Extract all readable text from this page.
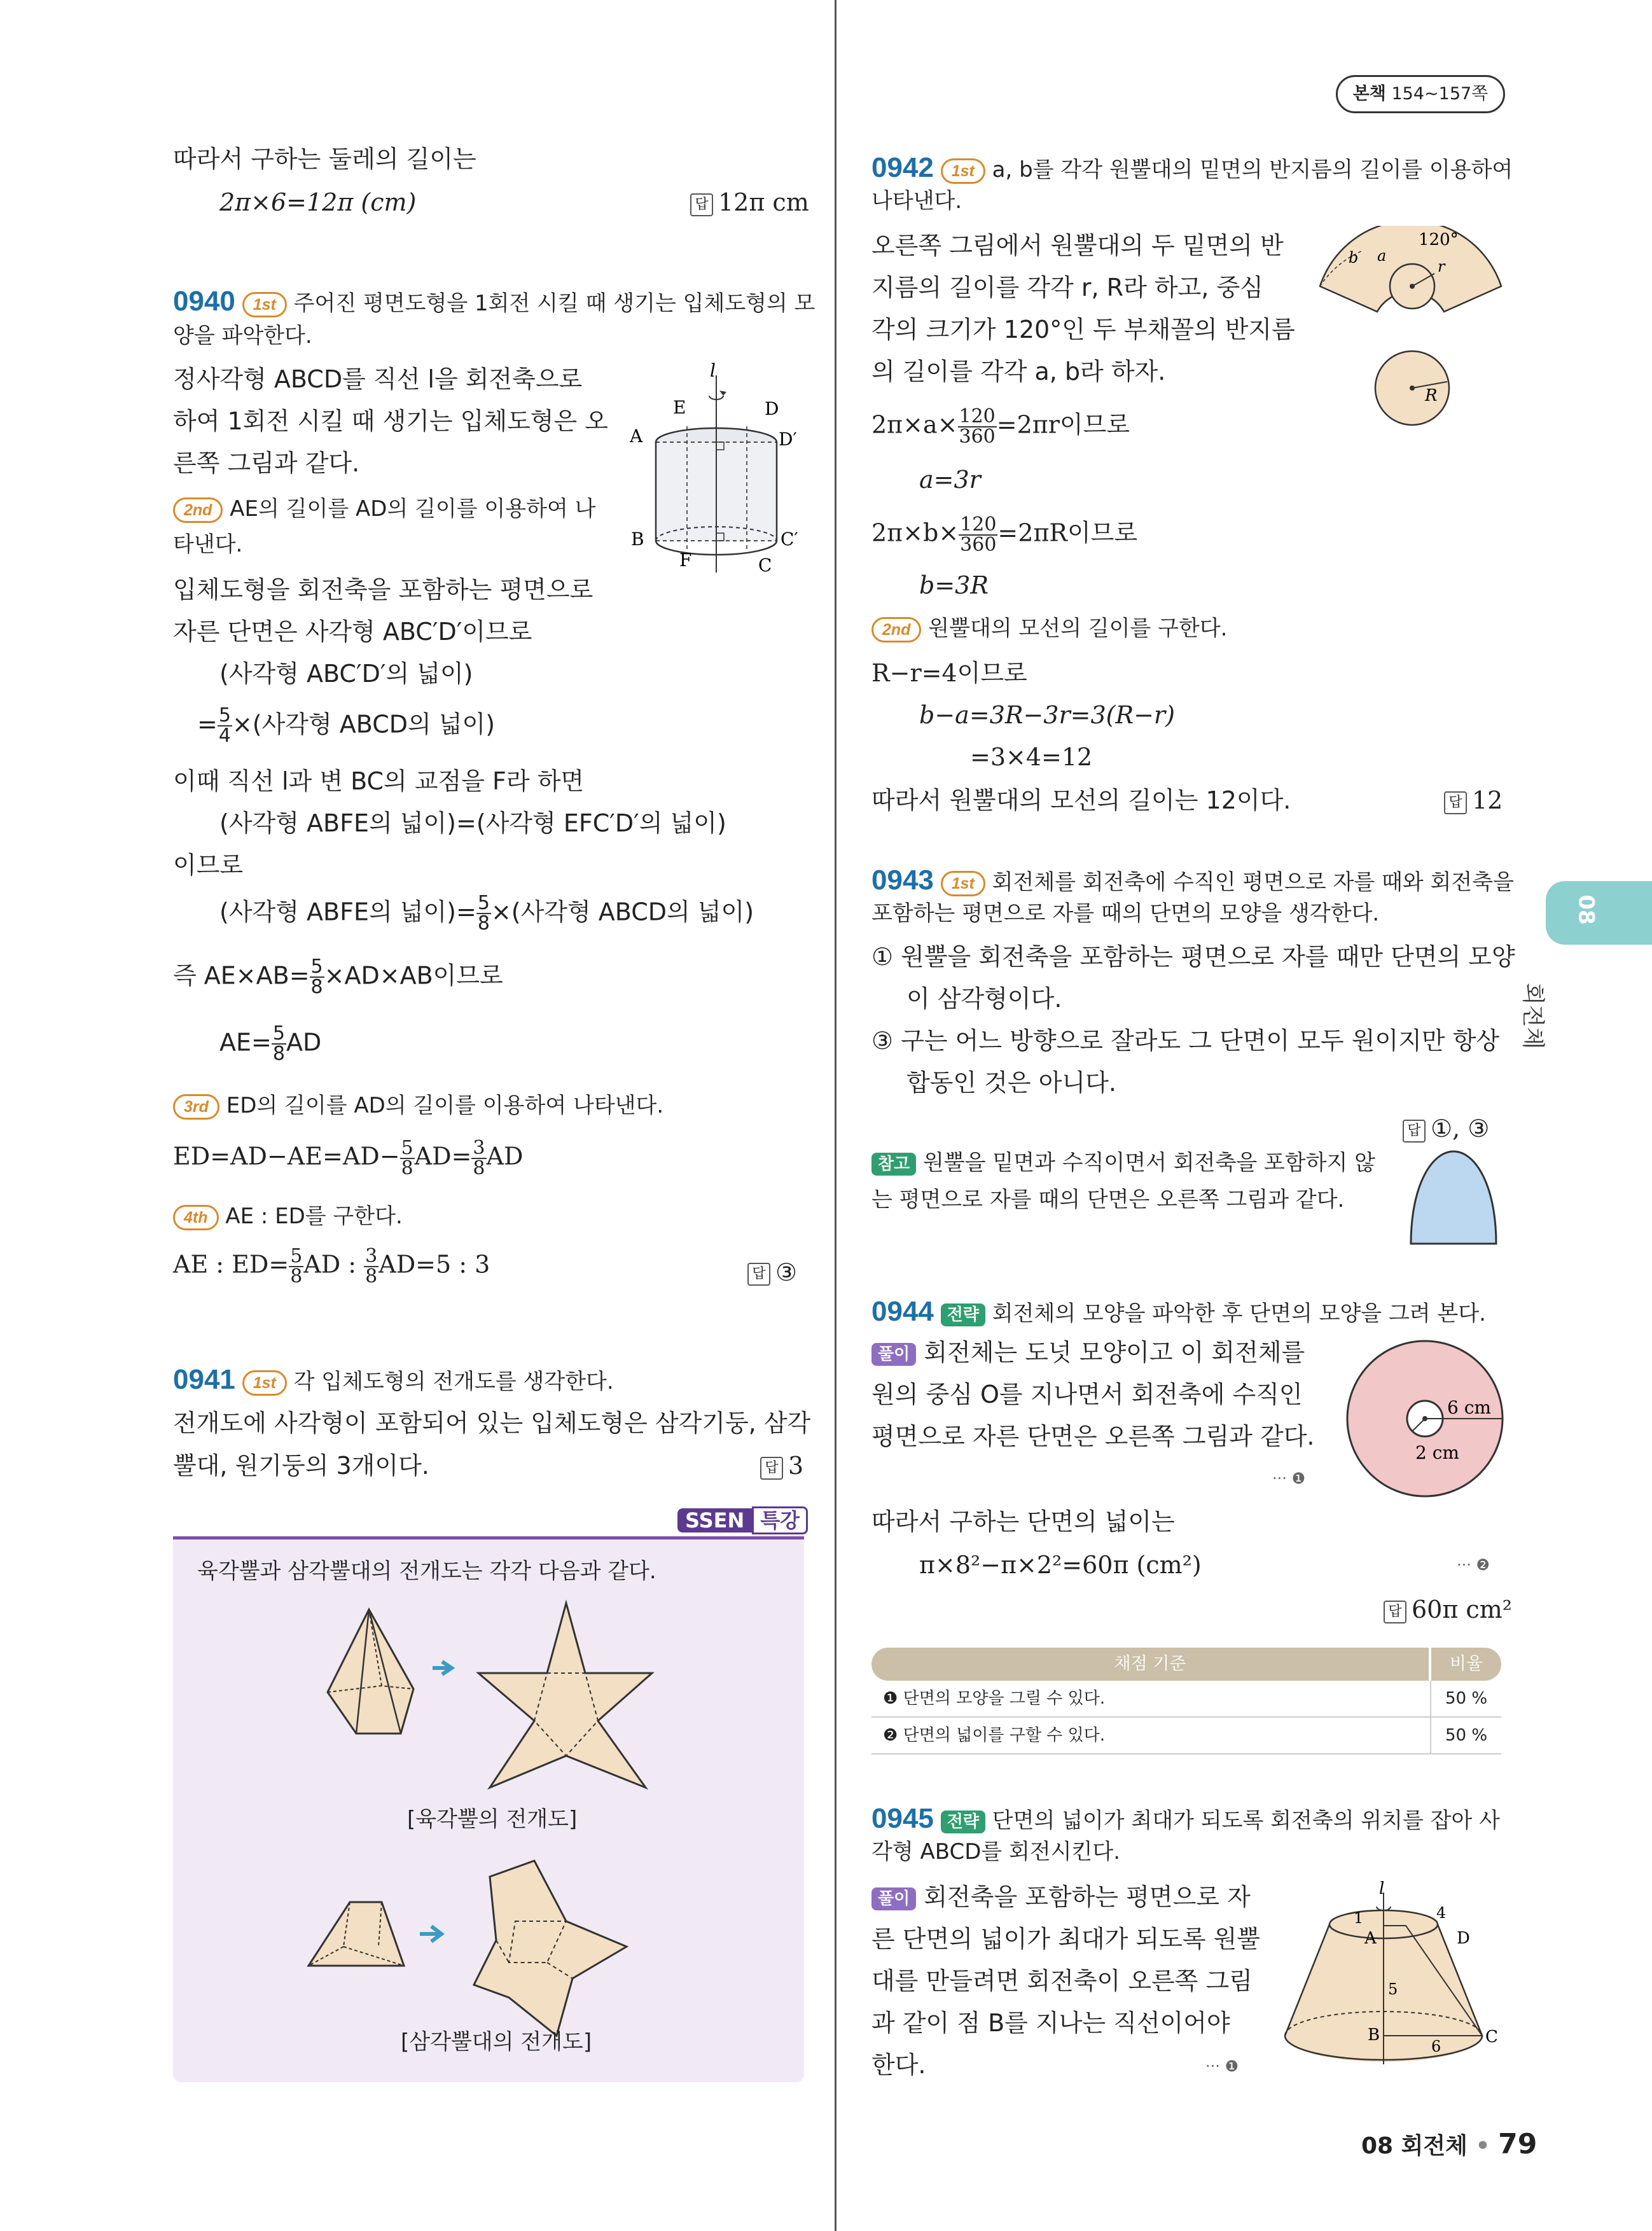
본책 154~157쪽
08
회전체
따라서 구하는 둘레의 길이는
2π×6=12π (cm)	답 12π cm
0940 1st 주어진 평면도형을 1회전 시킬 때 생기는 입체도형의 모
양을 파악한다.
정사각형 ABCD를 직선 l을 회전축으로
하여 1회전 시킬 때 생기는 입체도형은 오
른쪽 그림과 같다.
2nd AE의 길이를 AD의 길이를 이용하여 나
타낸다.
입체도형을 회전축을 포함하는 평면으로
자른 단면은 사각형 ABC′D′이므로
(사각형 ABC′D′의 넓이)
= $\frac{5}{4}$ ×(사각형 ABCD의 넓이)
이때 직선 l과 변 BC의 교점을 F라 하면
(사각형 ABFE의 넓이)=(사각형 EFC′D′의 넓이)
이므로
(사각형 ABFE의 넓이)= $\frac{5}{8}$ ×(사각형 ABCD의 넓이)
즉 $AE\times AB= \frac{5}{8} \times AD\times AB$이므로
$AE= \frac{5}{8}$ AD
3rd ED의 길이를 AD의 길이를 이용하여 나타낸다.
$ED=AD-AE=AD- \frac{5}{8} AD= \frac{3}{8}$ AD
4th AE : ED를 구한다.
AE : $ED= \frac{5}{8}$ AD : $\frac{3}{8} AD=5$ : 3	답 ③
l
A
E	D
D′
B	C′
F	C
0941 1st 각 입체도형의 전개도를 생각한다.
전개도에 사각형이 포함되어 있는 입체도형은 삼각기둥, 삼각
뿔대, 원기둥의 3개이다.	답 3
SSEN 특강
육각뿔과 삼각뿔대의 전개도는 각각 다음과 같다.
[육각뿔의 전개도]
[삼각뿔대의 전개도]
0942 1st a, b를 각각 원뿔대의 밑면의 반지름의 길이를 이용하여
나타낸다.
오른쪽 그림에서 원뿔대의 두 밑면의 반
지름의 길이를 각각 r, R라 하고, 중심
각의 크기가 120°인 두 부채꼴의 반지름
의 길이를 각각 a, b라 하자.
$2\pi\times a\times \frac{120}{360} =2\pi r$이므로
a=3r
$2\pi\times b\times \frac{120}{360} =2\pi R$이므로
b=3R
2nd 원뿔대의 모선의 길이를 구한다.
R−r=4이므로
b−a=3R−3r=3(R−r)
=3×4=12
따라서 원뿔대의 모선의 길이는 12이다.	답 12
120°
b a
r
R
0943 1st 회전체를 회전축에 수직인 평면으로 자를 때와 회전축을
포함하는 평면으로 자를 때의 단면의 모양을 생각한다.
① 원뿔을 회전축을 포함하는 평면으로 자를 때만 단면의 모양
이 삼각형이다.
③ 구는 어느 방향으로 잘라도 그 단면이 모두 원이지만 항상
합동인 것은 아니다.
답 ①, ③
참고 원뿔을 밑면과 수직이면서 회전축을 포함하지 않
는 평면으로 자를 때의 단면은 오른쪽 그림과 같다.
0944 전략 회전체의 모양을 파악한 후 단면의 모양을 그려 본다.
풀이 회전체는 도넛 모양이고 이 회전체를
원의 중심 O를 지나면서 회전축에 수직인
평면으로 자른 단면은 오른쪽 그림과 같다.
··· ❶
따라서 구하는 단면의 넓이는
π×8²−π×2²=60π (cm²)	··· ❷
답 60π cm²
6 cm
2 cm
채점 기준	비율
❶ 단면의 모양을 그릴 수 있다.	50 %
❷ 단면의 넓이를 구할 수 있다.	50 %
0945 전략 단면의 넓이가 최대가 되도록 회전축의 위치를 잡아 사
각형 ABCD를 회전시킨다.
풀이 회전축을 포함하는 평면으로 자
른 단면의 넓이가 최대가 되도록 원뿔
대를 만들려면 회전축이 오른쪽 그림
과 같이 점 B를 지나는 직선이어야
한다.	··· ❶
l
1	4
A	D
5
B	C
6
08 회전체 • 79
